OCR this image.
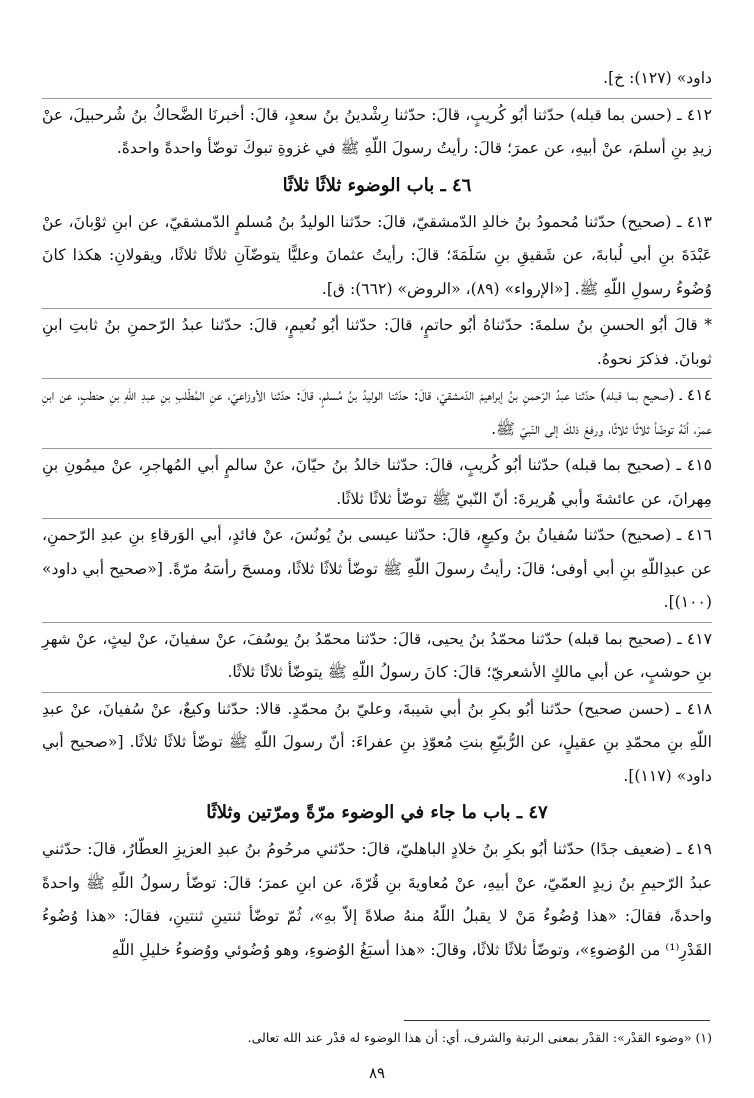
داود» (١٢٧): خ].

٤١٢ ـ (حسن بما قبله) حدّثنا أبُو كُريبٍ، قالَ: حدّثنا رِشْدينُ بنُ سعدٍ، قالَ: أخبرنَا الضَّحاكُ بنُ شُرحبيلَ، عنْ زيدِ بنِ أسلمَ، عنْ أبيهِ، عن عمرَ؛ قالَ: رأيتُ رسولَ اللّهِ ﷺ في غزوةِ تبوكَ توضّأ واحدةً واحدةً.

٤٦ ـ باب الوضوء ثلاثًا ثلاثًا

٤١٣ ـ (صحيح) حدّثنا مُحمودُ بنُ خالدِ الدّمشقيّ، قالَ: حدّثنا الوليدُ بنُ مُسلمٍ الدّمشقيّ، عن ابنِ ثوْبانَ، عنْ عَبْدَةَ بنِ أبي لُبابةَ، عن شَقيقِ بنِ سَلَمَةَ؛ قالَ: رأيتُ عثمانَ وعليًّا يتوضّآنِ ثلاثًا ثلاثًا، ويقولانِ: هكذا كانَ وُضُوءُ رسولِ اللّهِ ﷺ. [«الإرواء» (٨٩)، «الروض» (٦٦٢): ق].

* قالَ أبُو الحسنِ بنُ سلمةَ: حدّثناهُ أبُو حاتمٍ، قالَ: حدّثنا أبُو نُعيمٍ، قالَ: حدّثنا عبدُ الرّحمنِ بنُ ثابتِ ابنِ ثوبانَ. فذكرَ نحوهُ.

٤١٤ ـ (صحيح بما قبله) حدّثنا عبدُ الرّحمنِ بنُ إبراهيمَ الدّمشقيّ، قالَ: حدّثنا الوليدُ بنُ مُسلمٍ، قالَ: حدّثنا الأوزاعيّ، عنِ المُطّلبِ بنِ عبدِ اللّهِ بنِ حنطبٍ، عن ابنِ عمرَ، أنّهُ توضّأ ثلاثًا ثلاثًا، ورفعَ ذلكَ إلى النّبيّ ﷺ.

٤١٥ ـ (صحيح بما قبله) حدّثنا أبُو كُريبٍ، قالَ: حدّثنا خالدُ بنُ حيّانَ، عنْ سالمٍ أبي المُهاجرِ، عنْ ميمُونِ بنِ مِهرانَ، عن عائشةَ وأبي هُريرةَ: أنّ النّبيّ ﷺ توضّأ ثلاثًا ثلاثًا.

٤١٦ ـ (صحيح) حدّثنا سُفيانُ بنُ وكيعٍ، قالَ: حدّثنا عيسى بنُ يُونُسَ، عنْ فائدٍ، أبي الوَرقاءِ بنِ عبدِ الرّحمنِ، عن عبدِاللّهِ بنِ أبي أوفى؛ قالَ: رأيتُ رسولَ اللّهِ ﷺ توضّأ ثلاثًا ثلاثًا، ومسحَ رأسَهُ مرّةً. [«صحيح أبي داود» (١٠٠)].

٤١٧ ـ (صحيح بما قبله) حدّثنا محمّدُ بنُ يحيى، قالَ: حدّثنا محمّدُ بنُ يوسُفَ، عنْ سفيانَ، عنْ ليثٍ، عنْ شهرِ بنِ حوشبٍ، عن أبي مالكٍ الأشعريّ؛ قالَ: كانَ رسولُ اللّهِ ﷺ يتوضّأ ثلاثًا ثلاثًا.

٤١٨ ـ (حسن صحيح) حدّثنا أبُو بكرِ بنُ أبي شيبةَ، وعليّ بنُ محمّدٍ. قالا: حدّثنا وكيعٌ، عنْ سُفيانَ، عنْ عبدِ اللّهِ بنِ محمّدِ بنِ عقيلٍ، عن الرُّبيّعِ بنتِ مُعوّذِ بنِ عفراءَ: أنّ رسولَ اللّهِ ﷺ توضّأ ثلاثًا ثلاثًا. [«صحيح أبي داود» (١١٧)].

٤٧ ـ باب ما جاء في الوضوء مرّةً ومرّتين وثلاثًا

٤١٩ ـ (ضعيف جدًا) حدّثنا أبُو بكرِ بنُ خلادٍ الباهليّ، قالَ: حدّثني مرحُومُ بنُ عبدِ العزيزِ العطّارُ، قالَ: حدّثني عبدُ الرّحيمِ بنُ زيدٍ العمّيّ، عنْ أبيهِ، عنْ مُعاويةَ بنِ قُرّةَ، عن ابنِ عمرَ؛ قالَ: توضّأ رسولُ اللّهِ ﷺ واحدةً واحدةً، فقالَ: «هذا وُضُوءُ مَنْ لا يقبلُ اللّهُ منهُ صلاةً إلاّ بهِ»، ثُمّ توضّأ ثنتينِ ثنتينِ، فقالَ: «هذا وُضُوءُ القَدْرِ⁽¹⁾ من الوُضوءِ»، وتوضّأ ثلاثًا ثلاثًا، وقالَ: «هذا أسبَغُ الوُضوءِ، وهو وُضُوئي ووُضوءُ خليلِ اللّهِ

(١) «وضوء القدْر»: القدْر بمعنى الرتبة والشرف، أي: أن هذا الوضوء له قدْر عند الله تعالى.

٨٩
